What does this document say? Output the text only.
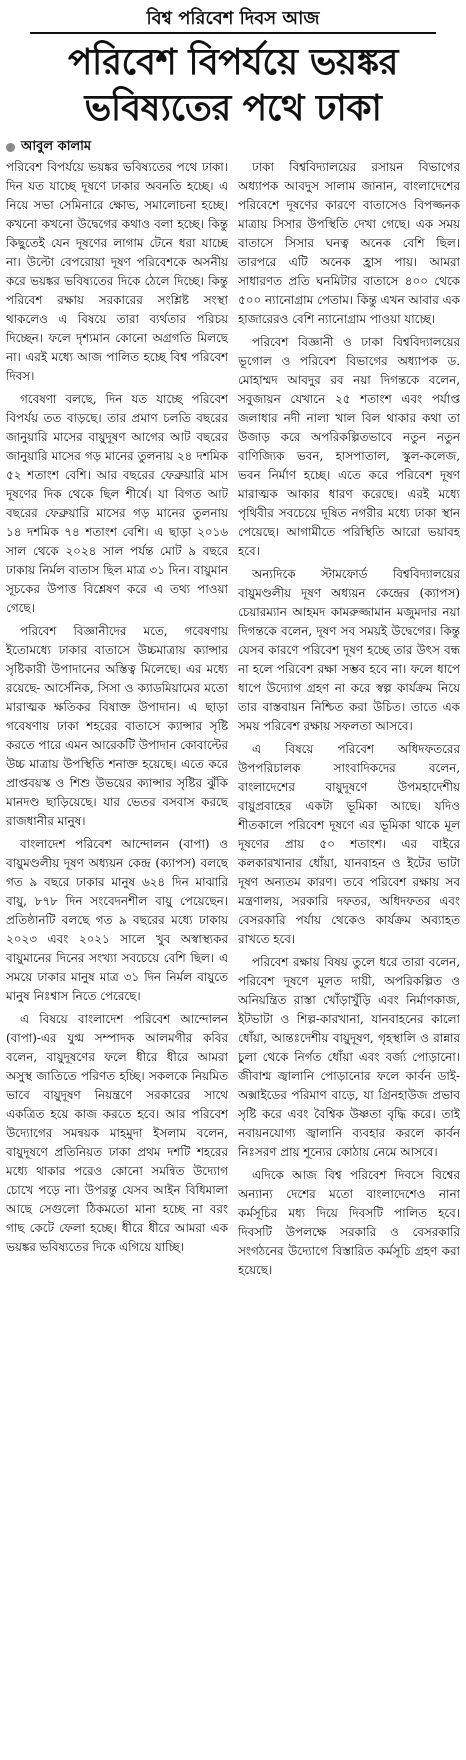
বিশ্ব পরিবেশ দিবস আজ
পরিবেশ বিপর্যয়ে ভয়ঙ্কর ভবিষ্যতের পথে ঢাকা
আবুল কালাম

পরিবেশ বিপর্যয়ে ভয়ঙ্কর ভবিষ্যতের পথে ঢাকা। দিন যত যাচ্ছে দূষণে ঢাকার অবনতি হচ্ছে। এ নিয়ে সভা সেমিনারে ক্ষোভ, সমালোচনা হচ্ছে। কখনো কখনো উদ্বেগের কথাও বলা হচ্ছে। কিন্তু কিছুতেই যেন দূষণের লাগাম টেনে ধরা যাচ্ছে না। উল্টো বেপরোয়া দূষণ পরিবেশকে অসনীয় করে ভয়ঙ্কর ভবিষ্যতের দিকে ঠেলে দিচ্ছে। কিন্তু পরিবেশ রক্ষায় সরকারের সংশ্লিষ্ট সংস্থা থাকলেও এ বিষয়ে তারা ব্যর্থতার পরিচয় দিচ্ছেন। ফলে দৃশ্যমান কোনো অগ্রগতি মিলছে না। এরই মধ্যে আজ পালিত হচ্ছে বিশ্ব পরিবেশ দিবস।

গবেষণা বলছে, দিন যত যাচ্ছে পরিবেশ বিপর্যয় তত বাড়ছে। তার প্রমাণ চলতি বছরের জানুয়ারি মাসের বায়ুদূষণ আগের আট বছরের জানুয়ারি মাসের গড় মানের তুলনায় ২৪ দশমিক ৫২ শতাংশ বেশি। আর বছরের ফেব্রুয়ারি মাস দূষণের দিক থেকে ছিল শীর্ষে। যা বিগত আট বছরের ফেব্রুয়ারি মাসের গড় মানের তুলনায় ১৪ দশমিক ৭৪ শতাংশ বেশি। এ ছাড়া ২০১৬ সাল থেকে ২০২৪ সাল পর্যন্ত মোট ৯ বছরে ঢাকায় নির্মল বাতাস ছিল মাত্র ৩১ দিন। বায়ুমান সূচকের উপাত্ত বিশ্লেষণ করে এ তথ্য পাওয়া গেছে।

পরিবেশ বিজ্ঞানীদের মতে, গবেষণায় ইতোমধ্যে ঢাকার বাতাসে উচ্চমাত্রায় ক্যান্সার সৃষ্টিকারী উপাদানের অস্তিত্ব মিলেছে। এর মধ্যে রয়েছে- আর্সেনিক, সিসা ও ক্যাডমিয়ামের মতো মারাত্মক ক্ষতিকর বিষাক্ত উপাদান। এ ছাড়া গবেষণায় ঢাকা শহরের বাতাসে ক্যান্সার সৃষ্টি করতে পারে এমন আরেকটি উপাদান কোবাল্টের উচ্চ মাত্রায় উপস্থিতি শনাক্ত হয়েছে। এতে করে প্রাপ্তবয়স্ক ও শিশু উভয়ের ক্যান্সার সৃষ্টির ঝুঁকি মানদণ্ড ছাড়িয়েছে। যার ভেতর বসবাস করছে রাজধানীর মানুষ।

বাংলাদেশ পরিবেশ আন্দোলন (বাপা) ও বায়ুমণ্ডলীয় দূষণ অধ্যয়ন কেন্দ্র (ক্যাপস) বলছে গত ৯ বছরে ঢাকার মানুষ ৬২৪ দিন মাঝারি বায়ু, ৮৭৮ দিন সংবেদনশীল বায়ু পেয়েছেন। প্রতিষ্ঠানটি বলছে গত ৯ বছরের মধ্যে ঢাকায় ২০২৩ এবং ২০২১ সালে খুব অস্বাস্থ্যকর বায়ুমানের দিনের সংখ্যা সবচেয়ে বেশি ছিল। এ সময়ে ঢাকার মানুষ মাত্র ৩১ দিন নির্মল বায়ুতে মানুষ নিঃশ্বাস নিতে পেরেছে।

এ বিষয়ে বাংলাদেশ পরিবেশ আন্দোলন (বাপা)-এর যুগ্ম সম্পাদক আলমগীর কবির বলেন, বায়ুদূষণের ফলে ধীরে ধীরে আমরা অসুস্থ জাতিতে পরিণত হচ্ছি। সকলকে নিয়মিত ভাবে বায়ুদূষণ নিয়ন্ত্রণে সরকারের সাথে একত্রিত হয়ে কাজ করতে হবে। আর পরিবেশ উদ্যোগের সমন্বয়ক মাহমুদা ইসলাম বলেন, বায়ুদূষণে প্রতিনিয়ত ঢাকা প্রথম দশটি শহরের মধ্যে থাকার পরেও কোনো সমন্বিত উদ্যোগ চোখে পড়ে না। উপরন্তু যেসব আইন বিধিমালা আছে সেগুলো ঠিকমতো মানা হচ্ছে না বরং গাছ কেটে ফেলা হচ্ছে। ধীরে ধীরে আমরা এক ভয়ঙ্কর ভবিষ্যতের দিকে এগিয়ে যাচ্ছি।

ঢাকা বিশ্ববিদ্যালয়ের রসায়ন বিভাগের অধ্যাপক আবদুস সালাম জানান, বাংলাদেশের পরিবেশে দূষণের কারণে বাতাসেও বিপজ্জনক মাত্রায় সিসার উপস্থিতি দেখা গেছে। এক সময় বাতাসে সিসার ঘনত্ব অনেক বেশি ছিল। তারপরে এটি অনেক হ্রাস পায়। আমরা সাধারণত প্রতি ঘনমিটার বাতাসে ৪০০ থেকে ৫০০ ন্যানোগ্রাম পেতাম। কিন্তু এখন আবার এক হাজারেরও বেশি ন্যানোগ্রাম পাওয়া যাচ্ছে।

পরিবেশ বিজ্ঞানী ও ঢাকা বিশ্ববিদ্যালয়ের ভূগোল ও পরিবেশ বিভাগের অধ্যাপক ড. মোহাম্মদ আবদুর রব নয়া দিগন্তকে বলেন, সবুজায়ন যেখানে ২৫ শতাংশ এবং পর্যাপ্ত জলাধার নদী নালা খাল বিল থাকার কথা তা উজাড় করে অপরিকল্পিতভাবে নতুন নতুন বাণিজ্যিক ভবন, হাসপাতাল, স্কুল-কলেজ, ভবন নির্মাণ হচ্ছে। এতে করে পরিবেশ দূষণ মারাত্মক আকার ধারণ করেছে। এরই মধ্যে পৃথিবীর সবচেয়ে দূষিত নগরীর মধ্যে ঢাকা স্থান পেয়েছে। আগামীতে পরিস্থিতি আরো ভয়াবহ হবে।

অন্যদিকে স্টামফোর্ড বিশ্ববিদ্যালয়ের বায়ুমণ্ডলীয় দূষণ অধ্যয়ন কেন্দ্রের (ক্যাপস) চেয়ারম্যান আহমদ কামরুজ্জামান মজুমদার নয়া দিগন্তকে বলেন, দূষণ সব সময়ই উদ্বেগের। কিন্তু যেসব কারণে পরিবেশ দূষণ হচ্ছে তার উৎস বন্ধ না হলে পরিবেশ রক্ষা সম্ভব হবে না। ফলে ধাপে ধাপে উদ্যোগ গ্রহণ না করে স্বল্প কার্যক্রম নিয়ে তার বাস্তবায়ন নিশ্চিত করা উচিত। তাতে এক সময় পরিবেশ রক্ষায় সফলতা আসবে।

এ বিষয়ে পরিবেশ অধিদফতরের উপপরিচালক সাংবাদিকদের বলেন, বাংলাদেশের বায়ুদূষণে উপমহাদেশীয় বায়ুপ্রবাহের একটা ভূমিকা আছে। যদিও শীতকালে পরিবেশ দূষণে এর ভূমিকা থাকে মূল দূষণের প্রায় ৫০ শতাংশ। এর বাইরে কলকারখানার ধোঁয়া, যানবাহন ও ইটের ভাটা দূষণ অন্যতম কারণ। তবে পরিবেশ রক্ষায় সব মন্ত্রণালয়, সরকারি দফতর, অধিদফতর এবং বেসরকারি পর্যায় থেকেও কার্যক্রম অব্যাহত রাখতে হবে।

পরিবেশ রক্ষায় বিষয় তুলে ধরে তারা বলেন, পরিবেশ দূষণে মূলত দায়ী, অপরিকল্পিত ও অনিয়ন্ত্রিত রাস্তা খোঁড়াখুঁড়ি এবং নির্মাণকাজ, ইটভাটা ও শিল্প-কারখানা, যানবাহনের কালো ধোঁয়া, আন্তঃদেশীয় বায়ুদূষণ, গৃহস্থালি ও রান্নার চুলা থেকে নির্গত ধোঁয়া এবং বর্জ্য পোড়ানো। জীবাশ্ম জ্বালানি পোড়ানোর ফলে কার্বন ডাই-অক্সাইডের পরিমাণ বাড়ে, যা গ্রিনহাউজ প্রভাব সৃষ্টি করে এবং বৈশ্বিক উষ্ণতা বৃদ্ধি করে। তাই নবায়নযোগ্য জ্বালানি ব্যবহার করলে কার্বন নিঃসরণ প্রায় শূন্যের কোঠায় নেমে আসবে।

এদিকে আজ বিশ্ব পরিবেশ দিবসে বিশ্বের অন্যান্য দেশের মতো বাংলাদেশেও নানা কর্মসূচির মধ্য দিয়ে দিবসটি পালিত হবে। দিবসটি উপলক্ষে সরকারি ও বেসরকারি সংগঠনের উদ্যোগে বিস্তারিত কর্মসূচি গ্রহণ করা হয়েছে।
